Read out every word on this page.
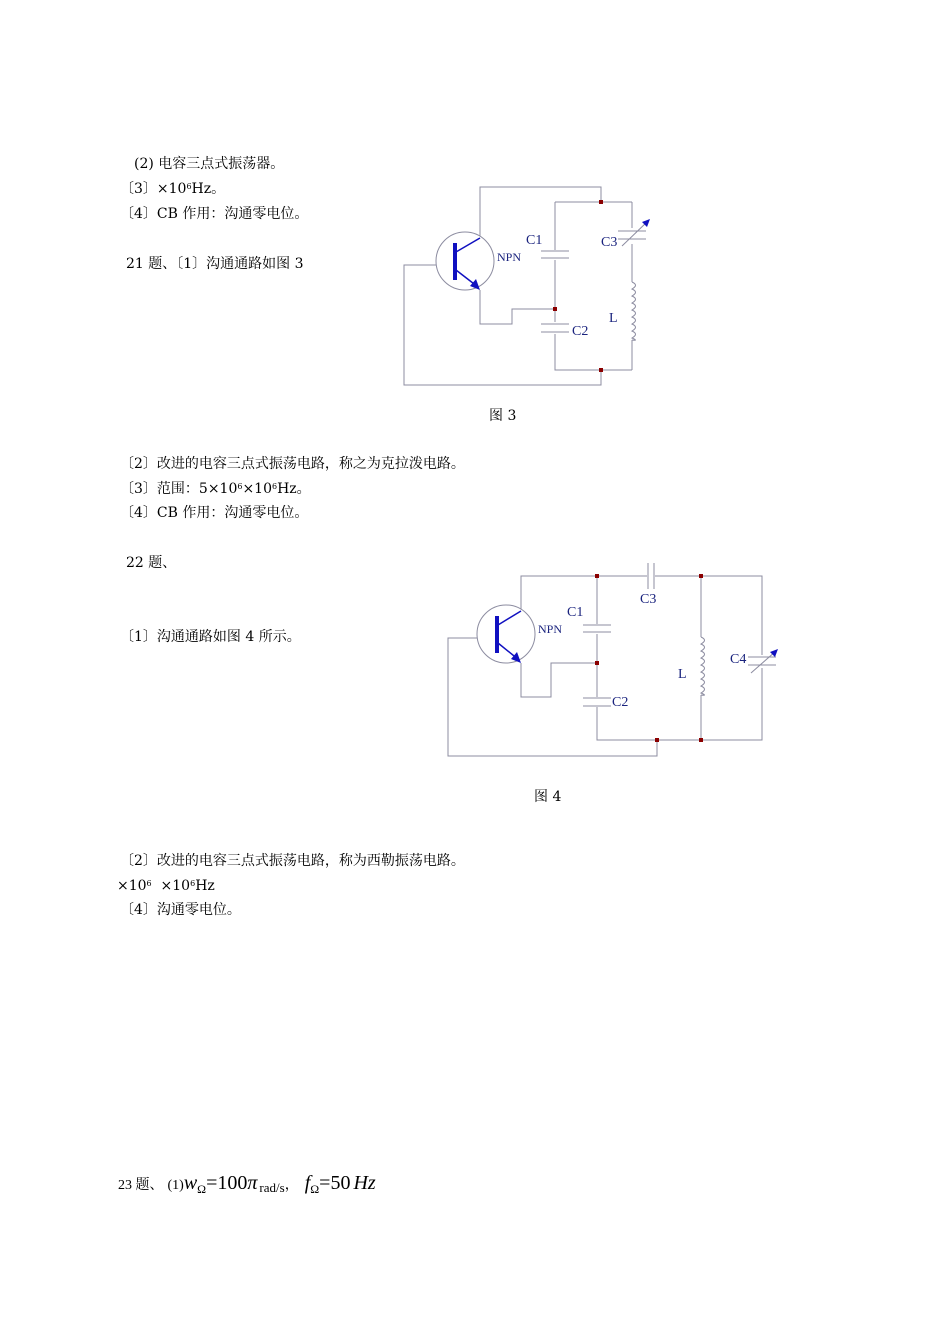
(2) 电容三点式振荡器。
〔3〕$\times 10^6Hz$。
〔4〕CB 作用：沟通零电位。
21 题、〔1〕沟通通路如图 3
C1
C2
C3
L
NPN
图 3
〔2〕改进的电容三点式振荡电路，称之为克拉泼电路。
〔3〕范围：$5\times 10^6\times 10^6Hz$。
〔4〕CB 作用：沟通零电位。
22 题、
〔1〕沟通通路如图 4 所示。
C1
C2
C3
C4
L
NPN
图 4
〔2〕改进的电容三点式振荡电路，称为西勒振荡电路。
$\times 10^6 \times 10^6Hz$
〔4〕沟通零电位。
23 题、 $(1)w_\Omega=100\pi$ rad/s， $f_\Omega=50$ Hz
